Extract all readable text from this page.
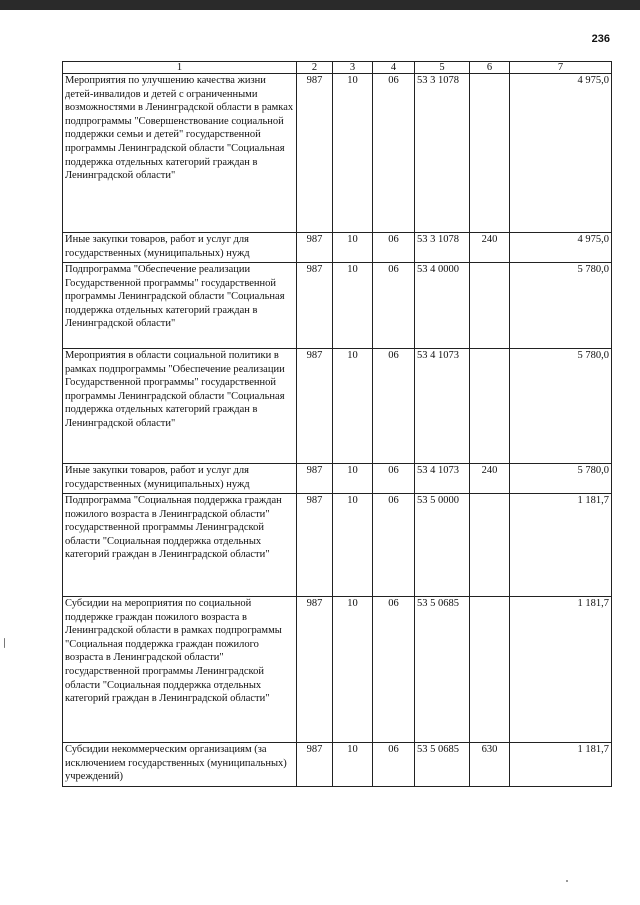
236
1	2	3	4	5	6	7
Мероприятия по улучшению качества жизни детей-инвалидов и детей с ограниченными возможностями в Ленинградской области в рамках подпрограммы "Совершенствование социальной поддержки семьи и детей" государственной программы Ленинградской области "Социальная поддержка отдельных категорий граждан в Ленинградской области"	987	10	06	53 3 1078		4 975,0
Иные закупки товаров, работ и услуг для государственных (муниципальных) нужд	987	10	06	53 3 1078	240	4 975,0
Подпрограмма "Обеспечение реализации Государственной программы" государственной программы Ленинградской области "Социальная поддержка отдельных категорий граждан в Ленинградской области"	987	10	06	53 4 0000		5 780,0
Мероприятия в области социальной политики в рамках подпрограммы "Обеспечение реализации Государственной программы" государственной программы Ленинградской области "Социальная поддержка отдельных категорий граждан в Ленинградской области"	987	10	06	53 4 1073		5 780,0
Иные закупки товаров, работ и услуг для государственных (муниципальных) нужд	987	10	06	53 4 1073	240	5 780,0
Подпрограмма "Социальная поддержка граждан пожилого возраста в Ленинградской области" государственной программы Ленинградской области "Социальная поддержка отдельных категорий граждан в Ленинградской области"	987	10	06	53 5 0000		1 181,7
Субсидии на мероприятия по социальной поддержке граждан пожилого возраста в Ленинградской области в рамках подпрограммы "Социальная поддержка граждан пожилого возраста в Ленинградской области" государственной программы Ленинградской области "Социальная поддержка отдельных категорий граждан в Ленинградской области"	987	10	06	53 5 0685		1 181,7
Субсидии некоммерческим организациям (за исключением государственных (муниципальных) учреждений)	987	10	06	53 5 0685	630	1 181,7
